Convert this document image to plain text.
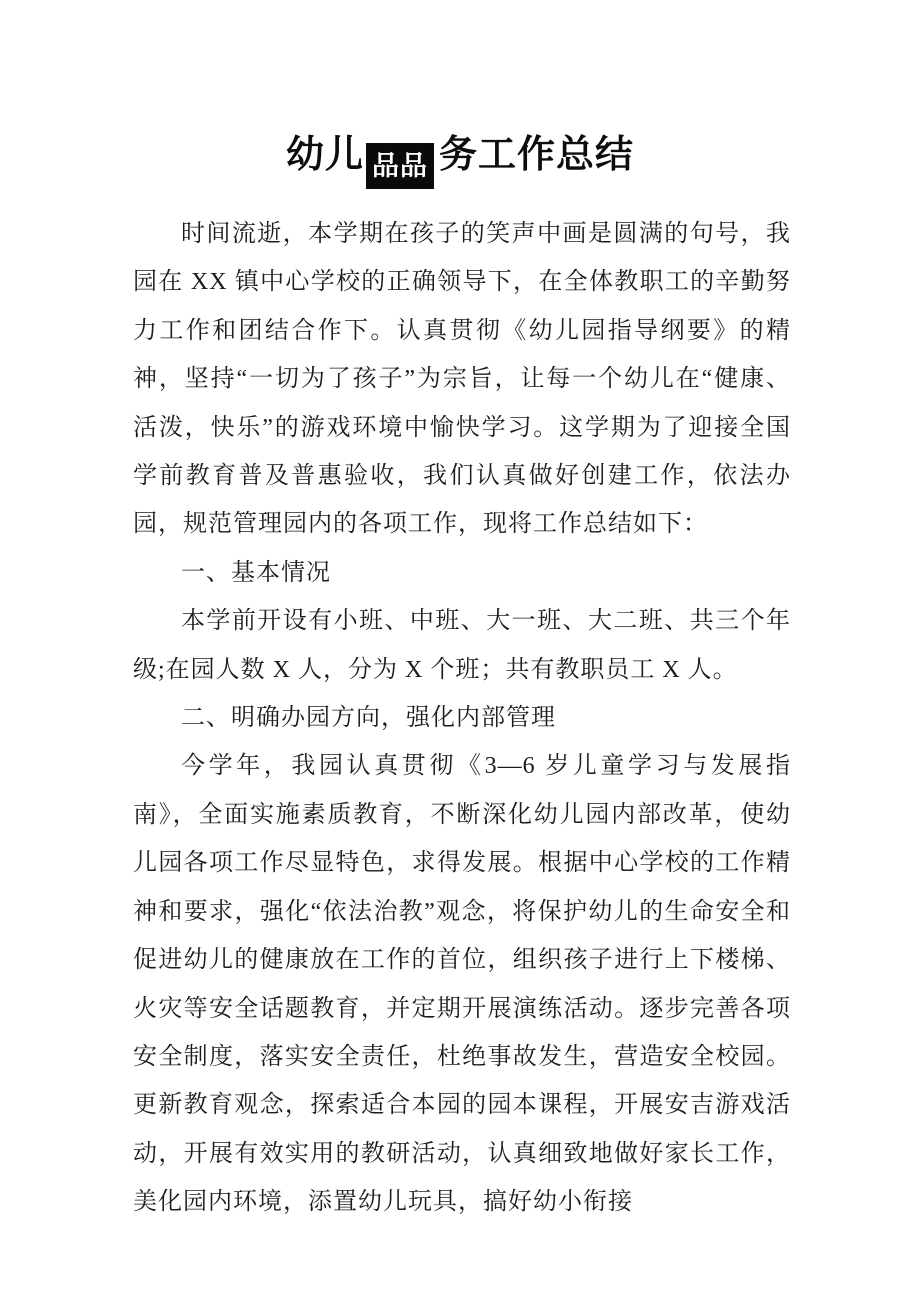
幼儿 品品 务工作总结

时间流逝，本学期在孩子的笑声中画是圆满的句号，我园在 XX 镇中心学校的正确领导下，在全体教职工的辛勤努力工作和团结合作下。认真贯彻《幼儿园指导纲要》的精神，坚持“一切为了孩子”为宗旨，让每一个幼儿在“健康、活泼，快乐”的游戏环境中愉快学习。这学期为了迎接全国学前教育普及普惠验收，我们认真做好创建工作，依法办园，规范管理园内的各项工作，现将工作总结如下：

一、基本情况

本学前开设有小班、中班、大一班、大二班、共三个年级;在园人数 X 人，分为 X 个班；共有教职员工 X 人。

二、明确办园方向，强化内部管理

今学年，我园认真贯彻《3—6 岁儿童学习与发展指南》，全面实施素质教育，不断深化幼儿园内部改革，使幼儿园各项工作尽显特色，求得发展。根据中心学校的工作精神和要求，强化“依法治教”观念，将保护幼儿的生命安全和促进幼儿的健康放在工作的首位，组织孩子进行上下楼梯、火灾等安全话题教育，并定期开展演练活动。逐步完善各项安全制度，落实安全责任，杜绝事故发生，营造安全校园。更新教育观念，探索适合本园的园本课程，开展安吉游戏活动，开展有效实用的教研活动，认真细致地做好家长工作，美化园内环境，添置幼儿玩具，搞好幼小衔接
